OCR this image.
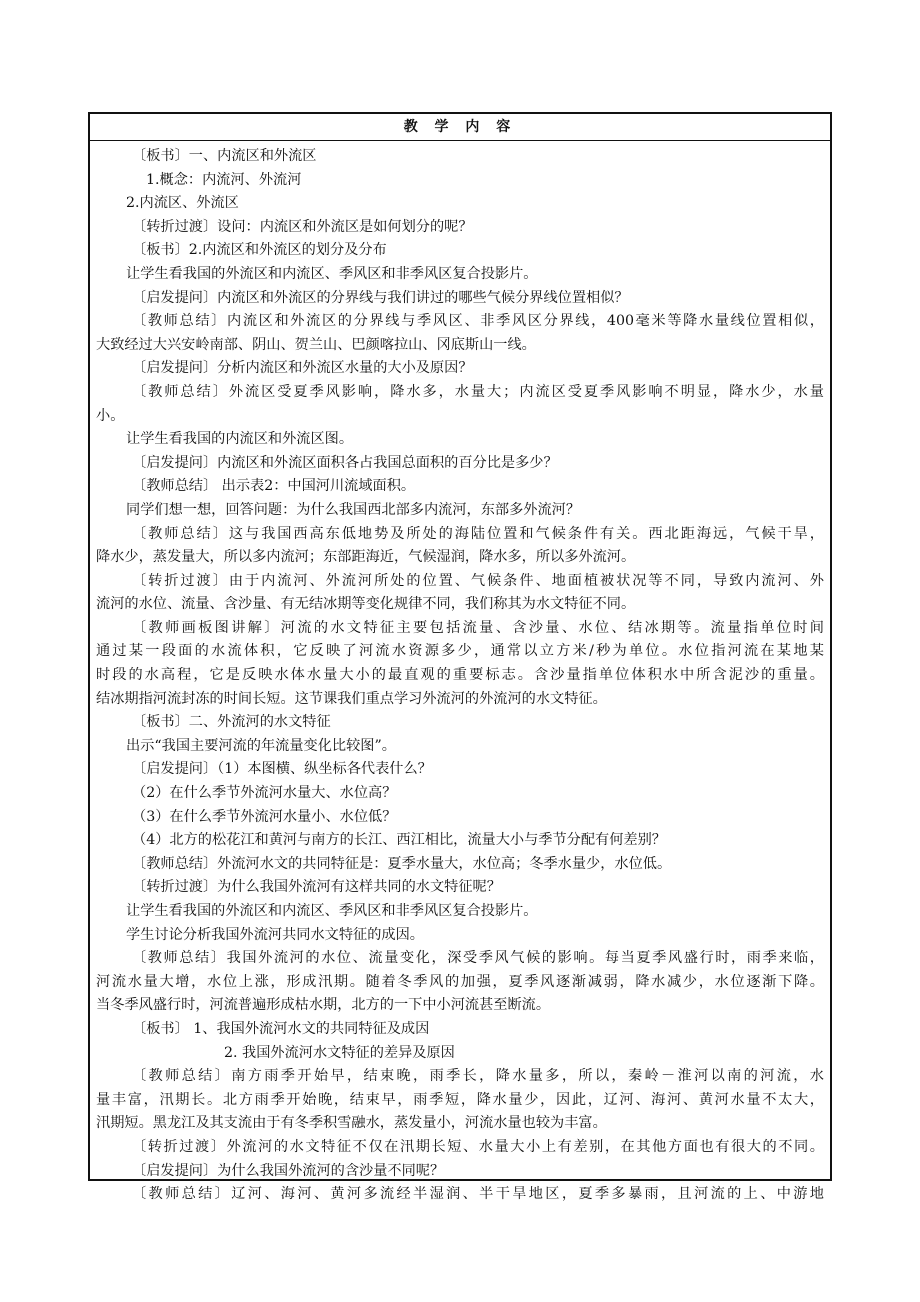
教 学 内 容
〔板书〕一、内流区和外流区
1.概念：内流河、外流河
2.内流区、外流区
〔转折过渡〕设问：内流区和外流区是如何划分的呢？
〔板书〕2.内流区和外流区的划分及分布
让学生看我国的外流区和内流区、季风区和非季风区复合投影片。
〔启发提问〕内流区和外流区的分界线与我们讲过的哪些气候分界线位置相似？
〔教师总结〕内流区和外流区的分界线与季风区、非季风区分界线，400毫米等降水量线位置相似，
大致经过大兴安岭南部、阴山、贺兰山、巴颜喀拉山、冈底斯山一线。
〔启发提问〕分析内流区和外流区水量的大小及原因？
〔教师总结〕外流区受夏季风影响，降水多，水量大；内流区受夏季风影响不明显，降水少，水量
小。
让学生看我国的内流区和外流区图。
〔启发提问〕内流区和外流区面积各占我国总面积的百分比是多少？
〔教师总结〕 出示表2：中国河川流域面积。
同学们想一想，回答问题：为什么我国西北部多内流河，东部多外流河？
〔教师总结〕这与我国西高东低地势及所处的海陆位置和气候条件有关。西北距海远，气候干旱，
降水少，蒸发量大，所以多内流河；东部距海近，气候湿润，降水多，所以多外流河。
〔转折过渡〕由于内流河、外流河所处的位置、气候条件、地面植被状况等不同，导致内流河、外
流河的水位、流量、含沙量、有无结冰期等变化规律不同，我们称其为水文特征不同。
〔教师画板图讲解〕河流的水文特征主要包括流量、含沙量、水位、结冰期等。流量指单位时间
通过某一段面的水流体积，它反映了河流水资源多少，通常以立方米/秒为单位。水位指河流在某地某
时段的水高程，它是反映水体水量大小的最直观的重要标志。含沙量指单位体积水中所含泥沙的重量。
结冰期指河流封冻的时间长短。这节课我们重点学习外流河的外流河的水文特征。
〔板书〕二、外流河的水文特征
出示“我国主要河流的年流量变化比较图”。
〔启发提问〕（1）本图横、纵坐标各代表什么？
（2）在什么季节外流河水量大、水位高？
（3）在什么季节外流河水量小、水位低？
（4）北方的松花江和黄河与南方的长江、西江相比，流量大小与季节分配有何差别？
〔教师总结〕外流河水文的共同特征是：夏季水量大，水位高；冬季水量少，水位低。
〔转折过渡〕为什么我国外流河有这样共同的水文特征呢？
让学生看我国的外流区和内流区、季风区和非季风区复合投影片。
学生讨论分析我国外流河共同水文特征的成因。
〔教师总结〕我国外流河的水位、流量变化，深受季风气候的影响。每当夏季风盛行时，雨季来临，
河流水量大增，水位上涨，形成汛期。随着冬季风的加强，夏季风逐渐减弱，降水减少，水位逐渐下降。
当冬季风盛行时，河流普遍形成枯水期，北方的一下中小河流甚至断流。
〔板书〕 1、我国外流河水文的共同特征及成因
2. 我国外流河水文特征的差异及原因
〔教师总结〕南方雨季开始早，结束晚，雨季长，降水量多，所以，秦岭－淮河以南的河流，水
量丰富，汛期长。北方雨季开始晚，结束早，雨季短，降水量少，因此，辽河、海河、黄河水量不太大，
汛期短。黑龙江及其支流由于有冬季积雪融水，蒸发量小，河流水量也较为丰富。
〔转折过渡〕外流河的水文特征不仅在汛期长短、水量大小上有差别，在其他方面也有很大的不同。
〔启发提问〕为什么我国外流河的含沙量不同呢？
〔教师总结〕辽河、海河、黄河多流经半湿润、半干旱地区，夏季多暴雨，且河流的上、中游地
